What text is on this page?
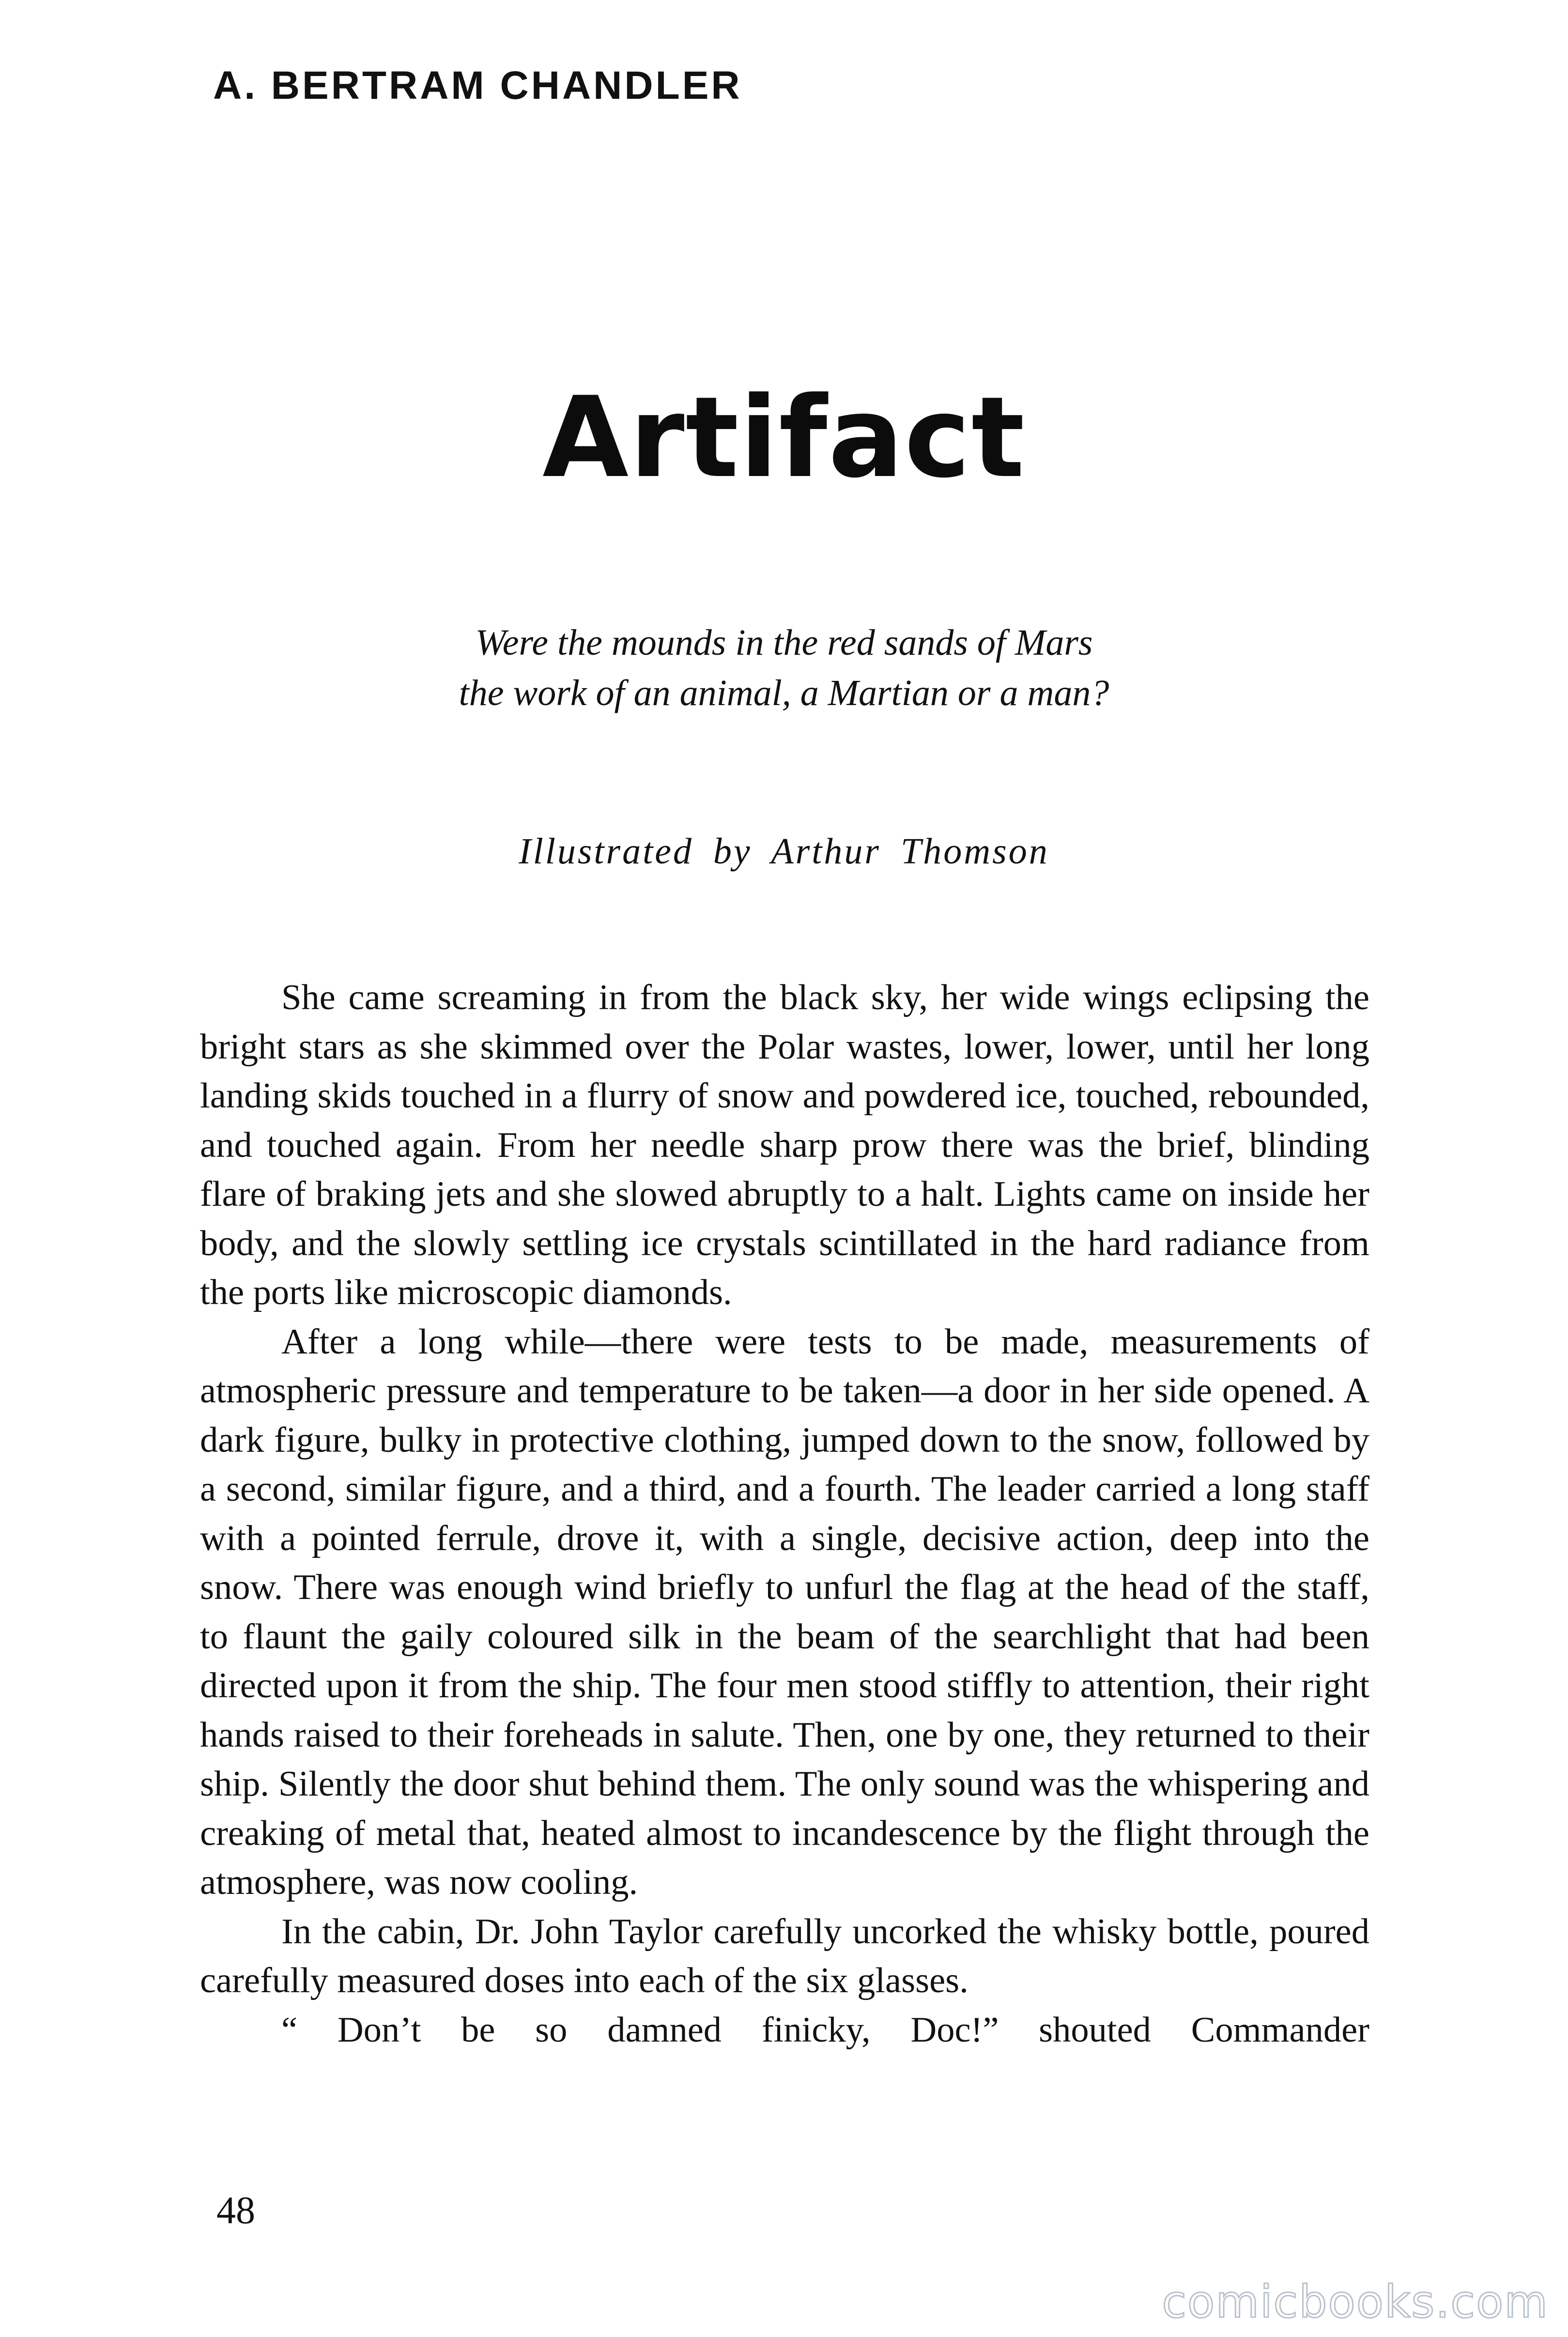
A. BERTRAM CHANDLER
Artifact
Were the mounds in the red sands of Mars
the work of an animal, a Martian or a man?
Illustrated by Arthur Thomson

She came screaming in from the black sky, her wide wings eclipsing the bright stars as she skimmed over the Polar wastes, lower, lower, until her long landing skids touched in a flurry of snow and powdered ice, touched, rebounded, and touched again. From her needle sharp prow there was the brief, blinding flare of braking jets and she slowed abruptly to a halt. Lights came on inside her body, and the slowly settling ice crystals scintillated in the hard radiance from the ports like microscopic diamonds.

After a long while—there were tests to be made, measurements of atmospheric pressure and temperature to be taken—a door in her side opened. A dark figure, bulky in protective clothing, jumped down to the snow, followed by a second, similar figure, and a third, and a fourth. The leader carried a long staff with a pointed ferrule, drove it, with a single, decisive action, deep into the snow. There was enough wind briefly to unfurl the flag at the head of the staff, to flaunt the gaily coloured silk in the beam of the searchlight that had been directed upon it from the ship. The four men stood stiffly to attention, their right hands raised to their foreheads in salute. Then, one by one, they returned to their ship. Silently the door shut behind them. The only sound was the whispering and creaking of metal that, heated almost to incandescence by the flight through the atmosphere, was now cooling.

In the cabin, Dr. John Taylor carefully uncorked the whisky bottle, poured carefully measured doses into each of the six glasses.

“ Don’t be so damned finicky, Doc!” shouted Commander

48
comicbooks.com
